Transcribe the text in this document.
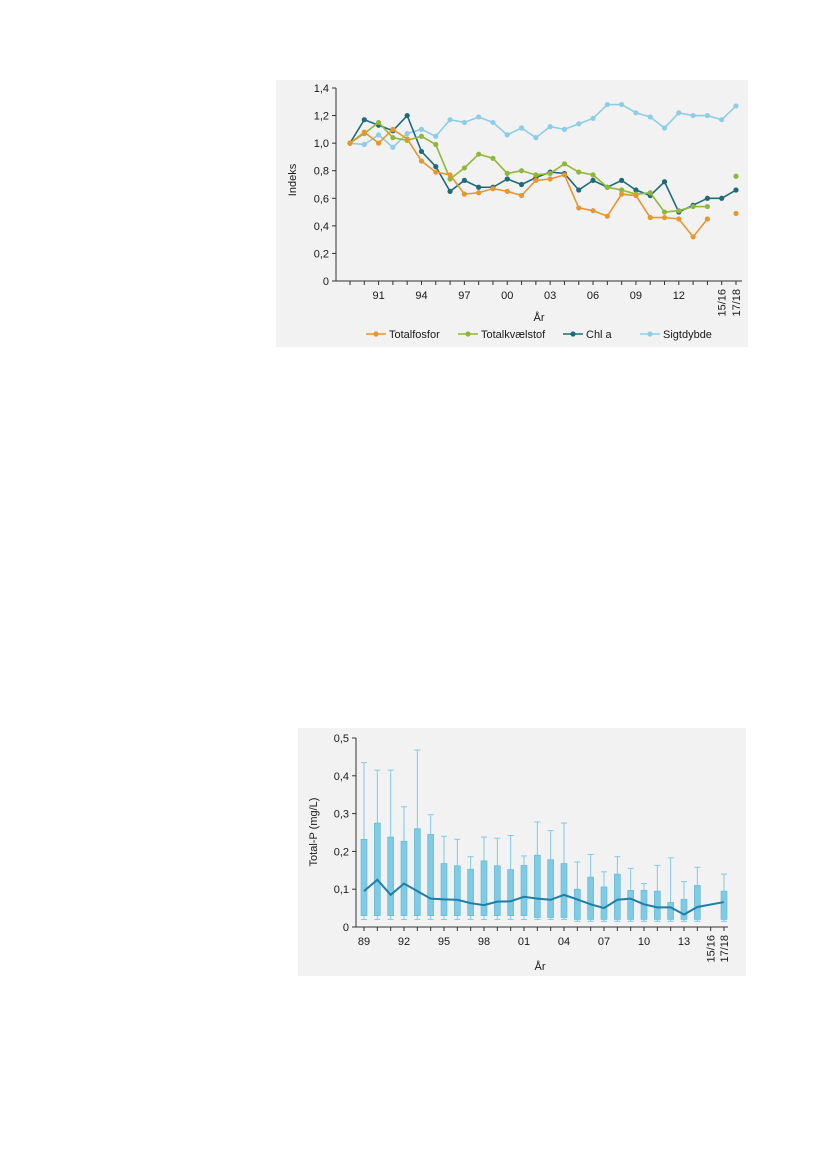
0
0,2
0,4
0,6
0,8
1,0
1,2
1,4
91	94	97	00	03	06	09	12	15/16 17/18
Indeks
År
Totalfosfor	Totalkvælstof	Chl a	Sigtdybde
0
0,1
0,2
0,3
0,4
0,5
89	92	95	98	01	04	07	10	13 15/16 17/18
Total-P (mg/L)
År
